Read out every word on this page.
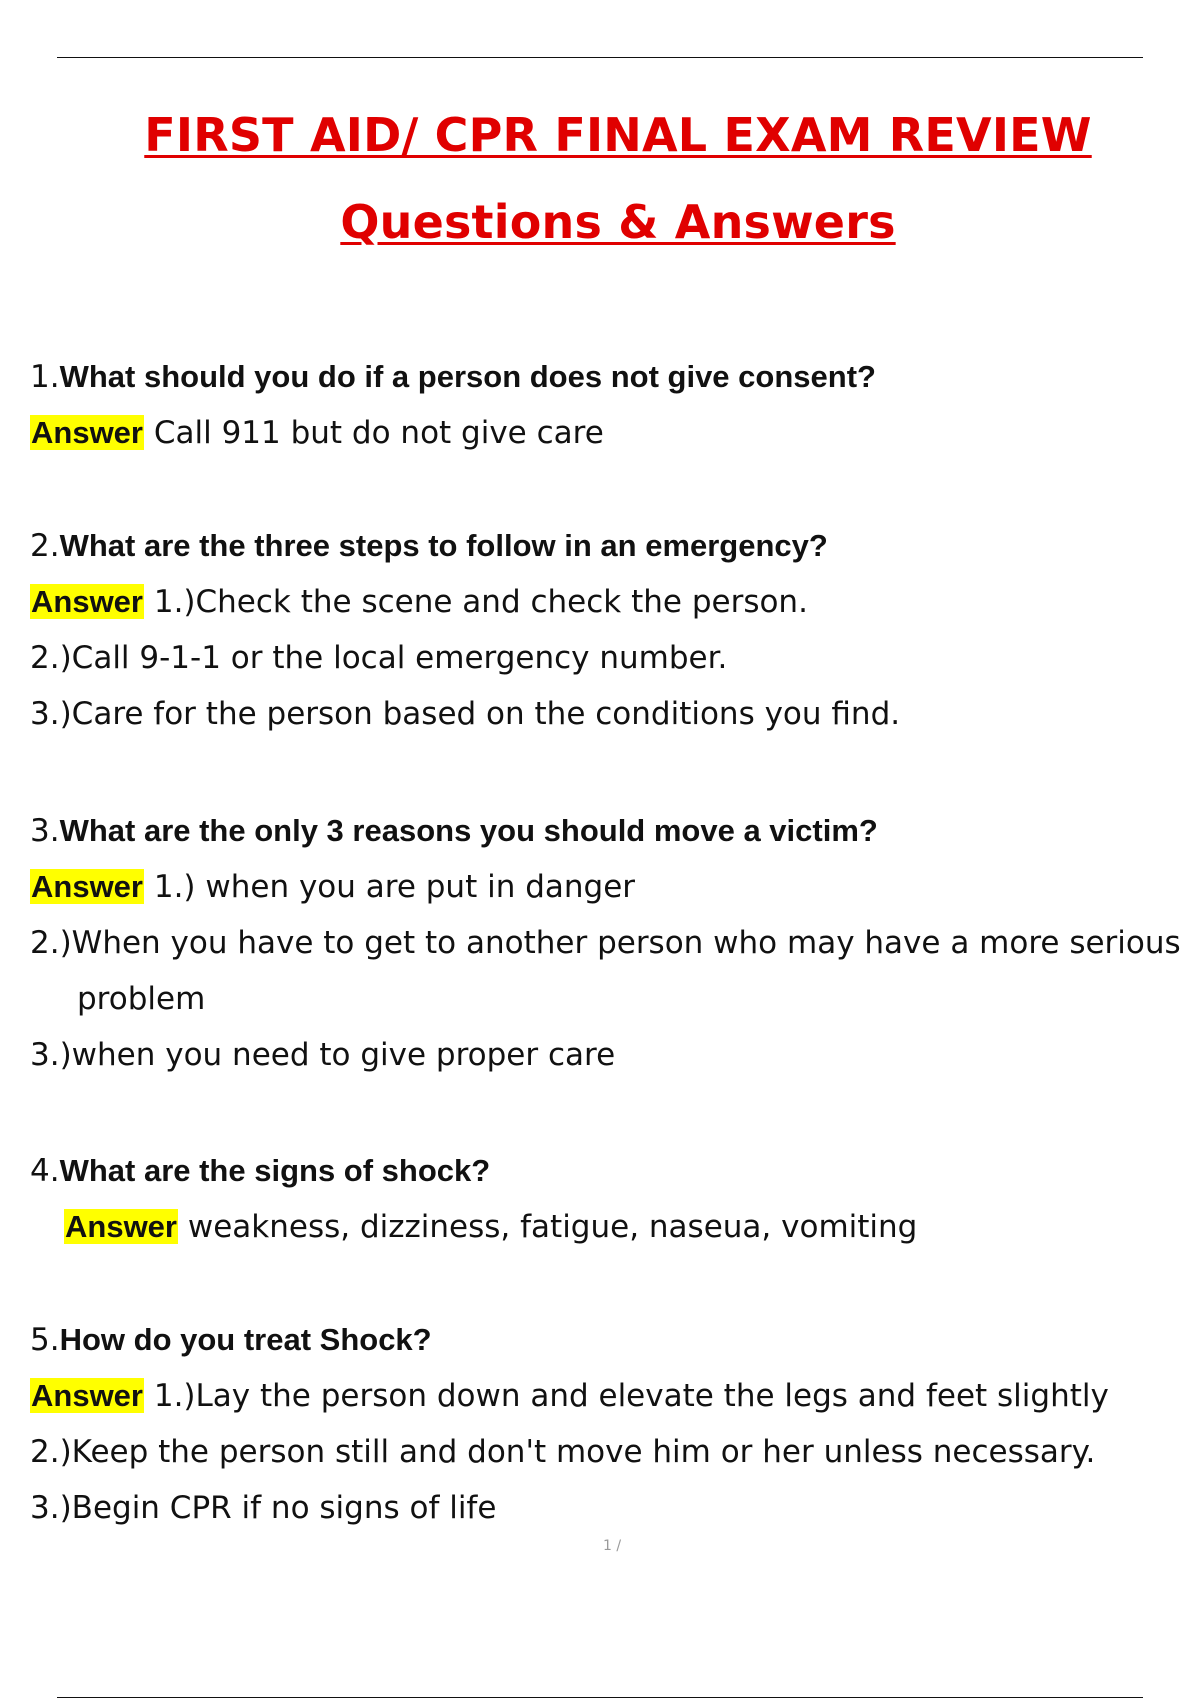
FIRST AID/ CPR FINAL EXAM REVIEW
Questions & Answers
1.What should you do if a person does not give consent?
Answer Call 911 but do not give care
2.What are the three steps to follow in an emergency?
Answer 1.)Check the scene and check the person.
2.)Call 9-1-1 or the local emergency number.
3.)Care for the person based on the conditions you find.
3.What are the only 3 reasons you should move a victim?
Answer 1.) when you are put in danger
2.)When you have to get to another person who may have a more serious
problem
3.)when you need to give proper care
4.What are the signs of shock?
Answer weakness, dizziness, fatigue, naseua, vomiting
5.How do you treat Shock?
Answer 1.)Lay the person down and elevate the legs and feet slightly
2.)Keep the person still and don't move him or her unless necessary.
3.)Begin CPR if no signs of life
1 /
